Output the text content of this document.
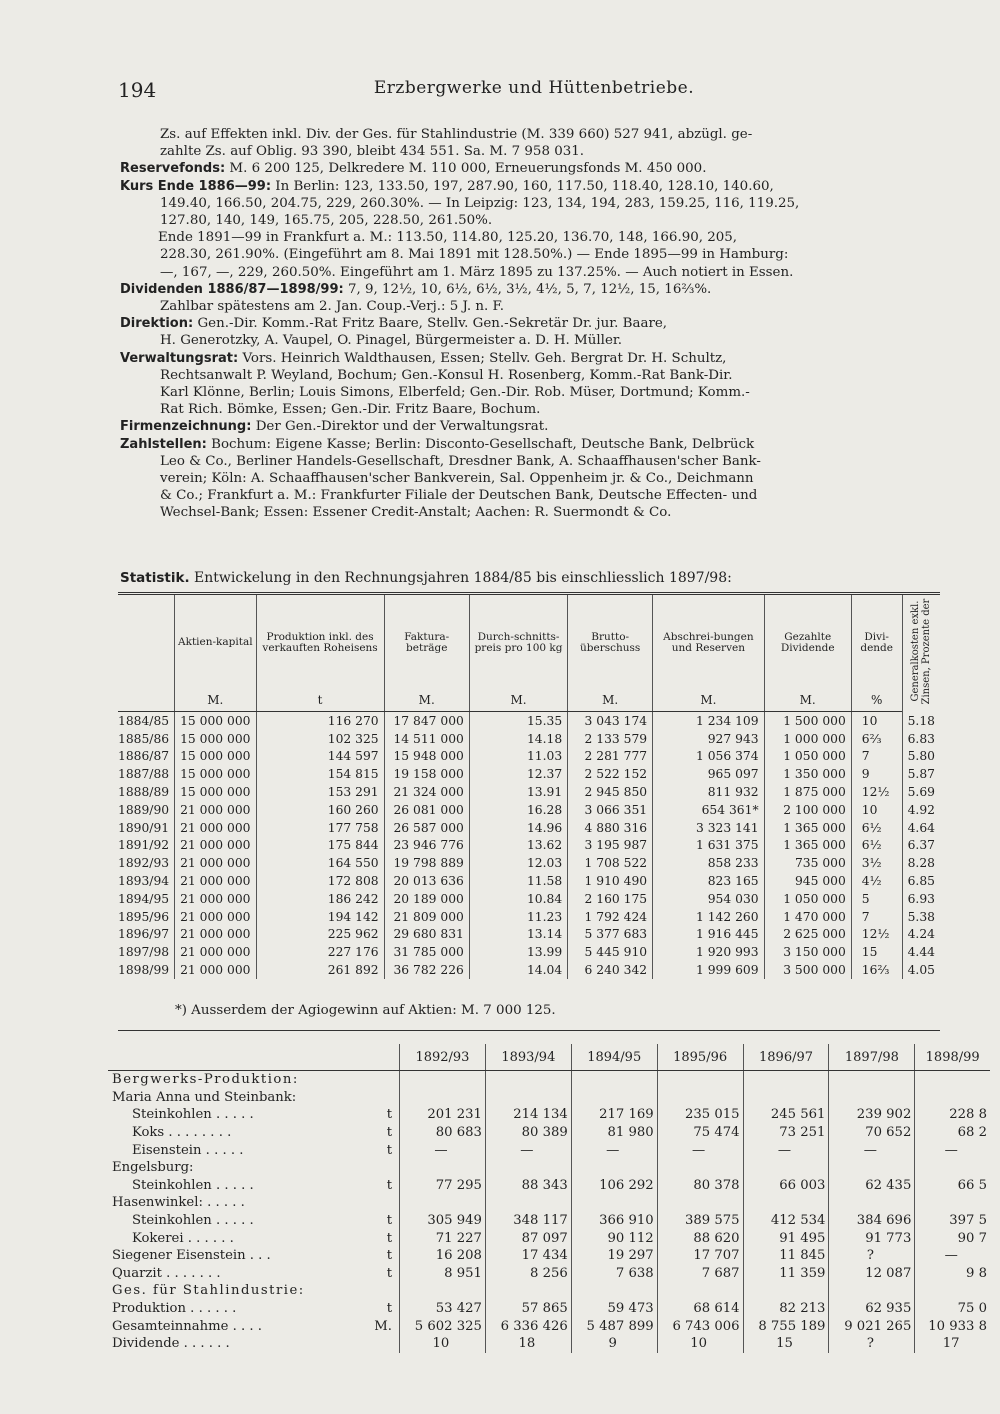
194	Erzbergwerke und Hüttenbetriebe.
Zs. auf Effekten inkl. Div. der Ges. für Stahlindustrie (M. 339 660) 527 941, abzügl. ge-
zahlte Zs. auf Oblig. 93 390, bleibt 434 551. Sa. M. 7 958 031.
Reservefonds: M. 6 200 125, Delkredere M. 110 000, Erneuerungsfonds M. 450 000.
Kurs Ende 1886—99: In Berlin: 123, 133.50, 197, 287.90, 160, 117.50, 118.40, 128.10, 140.60,
149.40, 166.50, 204.75, 229, 260.30%. — In Leipzig: 123, 134, 194, 283, 159.25, 116, 119.25,
127.80, 140, 149, 165.75, 205, 228.50, 261.50%.
Ende 1891—99 in Frankfurt a. M.: 113.50, 114.80, 125.20, 136.70, 148, 166.90, 205,
228.30, 261.90%. (Eingeführt am 8. Mai 1891 mit 128.50%.) — Ende 1895—99 in Hamburg:
—, 167, —, 229, 260.50%. Eingeführt am 1. März 1895 zu 137.25%. — Auch notiert in Essen.
Dividenden 1886/87—1898/99: 7, 9, 12½, 10, 6½, 6½, 3½, 4½, 5, 7, 12½, 15, 16⅔%.
Zahlbar spätestens am 2. Jan. Coup.-Verj.: 5 J. n. F.
Direktion: Gen.-Dir. Komm.-Rat Fritz Baare, Stellv. Gen.-Sekretär Dr. jur. Baare,
H. Generotzky, A. Vaupel, O. Pinagel, Bürgermeister a. D. H. Müller.
Verwaltungsrat: Vors. Heinrich Waldthausen, Essen; Stellv. Geh. Bergrat Dr. H. Schultz,
Rechtsanwalt P. Weyland, Bochum; Gen.-Konsul H. Rosenberg, Komm.-Rat Bank-Dir.
Karl Klönne, Berlin; Louis Simons, Elberfeld; Gen.-Dir. Rob. Müser, Dortmund; Komm.-
Rat Rich. Bömke, Essen; Gen.-Dir. Fritz Baare, Bochum.
Firmenzeichnung: Der Gen.-Direktor und der Verwaltungsrat.
Zahlstellen: Bochum: Eigene Kasse; Berlin: Disconto-Gesellschaft, Deutsche Bank, Delbrück
Leo & Co., Berliner Handels-Gesellschaft, Dresdner Bank, A. Schaaffhausen'scher Bank-
verein; Köln: A. Schaaffhausen'scher Bankverein, Sal. Oppenheim jr. & Co., Deichmann
& Co.; Frankfurt a. M.: Frankfurter Filiale der Deutschen Bank, Deutsche Effecten- und
Wechsel-Bank; Essen: Essener Credit-Anstalt; Aachen: R. Suermondt & Co.
Statistik. Entwickelung in den Rechnungsjahren 1884/85 bis einschliesslich 1897/98:
	Aktien-kapital	Produktion inkl. des verkauften Roheisens	Faktura-beträge	Durch-schnitts-preis pro 100 kg	Brutto-überschuss	Abschrei-bungen und Reserven	Gezahlte Dividende	Divi-dende	Generalkosten exkl. Zinsen, Prozente der
	M.	t	M.	M.	M.	M.	M.	%	
1884/85	15 000 000	116 270	17 847 000	15.35	3 043 174	1 234 109	1 500 000	10	5.18
1885/86	15 000 000	102 325	14 511 000	14.18	2 133 579	927 943	1 000 000	6⅔	6.83
1886/87	15 000 000	144 597	15 948 000	11.03	2 281 777	1 056 374	1 050 000	7	5.80
1887/88	15 000 000	154 815	19 158 000	12.37	2 522 152	965 097	1 350 000	9	5.87
1888/89	15 000 000	153 291	21 324 000	13.91	2 945 850	811 932	1 875 000	12½	5.69
1889/90	21 000 000	160 260	26 081 000	16.28	3 066 351	654 361*	2 100 000	10	4.92
1890/91	21 000 000	177 758	26 587 000	14.96	4 880 316	3 323 141	1 365 000	6½	4.64
1891/92	21 000 000	175 844	23 946 776	13.62	3 195 987	1 631 375	1 365 000	6½	6.37
1892/93	21 000 000	164 550	19 798 889	12.03	1 708 522	858 233	735 000	3½	8.28
1893/94	21 000 000	172 808	20 013 636	11.58	1 910 490	823 165	945 000	4½	6.85
1894/95	21 000 000	186 242	20 189 000	10.84	2 160 175	954 030	1 050 000	5	6.93
1895/96	21 000 000	194 142	21 809 000	11.23	1 792 424	1 142 260	1 470 000	7	5.38
1896/97	21 000 000	225 962	29 680 831	13.14	5 377 683	1 916 445	2 625 000	12½	4.24
1897/98	21 000 000	227 176	31 785 000	13.99	5 445 910	1 920 993	3 150 000	15	4.44
1898/99	21 000 000	261 892	36 782 226	14.04	6 240 342	1 999 609	3 500 000	16⅔	4.05
*) Ausserdem der Agiogewinn auf Aktien: M. 7 000 125.
	1892/93	1893/94	1894/95	1895/96	1896/97	1897/98	1898/99
Bergwerks-Produktion:							
Maria Anna und Steinbank:							
Steinkohlen . . . . . t	201 231	214 134	217 169	235 015	245 561	239 902	228 8
Koks . . . . . . . . t	80 683	80 389	81 980	75 474	73 251	70 652	68 2
Eisenstein . . . . . t	—	—	—	—	—	—	—
Engelsburg:							
Steinkohlen . . . . . t	77 295	88 343	106 292	80 378	66 003	62 435	66 5
Hasenwinkel: . . . . .							
Steinkohlen . . . . . t	305 949	348 117	366 910	389 575	412 534	384 696	397 5
Kokerei . . . . . . t	71 227	87 097	90 112	88 620	91 495	91 773	90 7
Siegener Eisenstein . . . t	16 208	17 434	19 297	17 707	11 845	?	—
Quarzit . . . . . . . t	8 951	8 256	7 638	7 687	11 359	12 087	9 8
Ges. für Stahlindustrie:							
Produktion . . . . . . t	53 427	57 865	59 473	68 614	82 213	62 935	75 0
Gesamteinnahme . . . . M.	5 602 325	6 336 426	5 487 899	6 743 006	8 755 189	9 021 265	10 933 8
Dividende . . . . . .	10	18	9	10	15	?	17
